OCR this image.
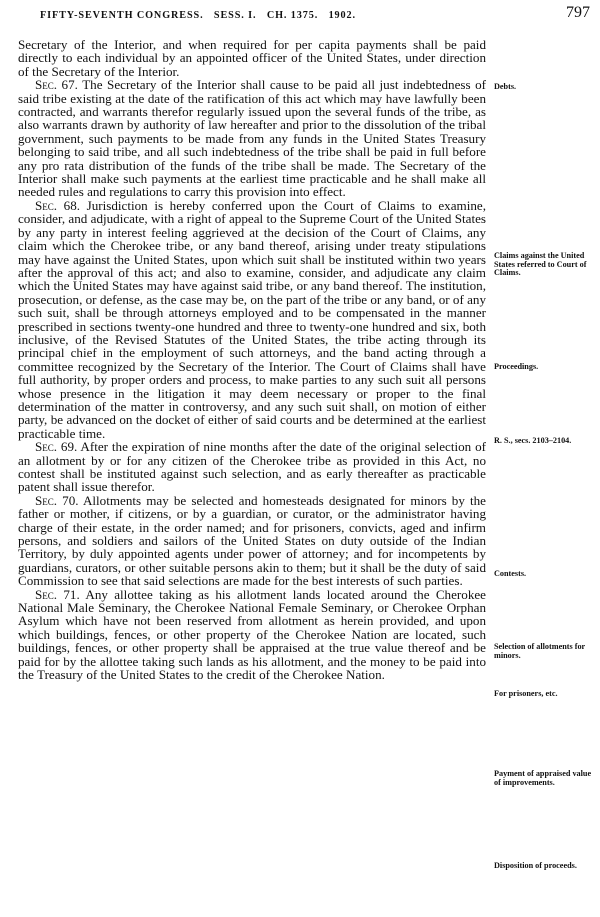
FIFTY-SEVENTH CONGRESS.   SESS. I.   CH. 1375.   1902.	797

Secretary of the Interior, and when required for per capita payments shall be paid directly to each individual by an appointed officer of the United States, under direction of the Secretary of the Interior.

Sec. 67. The Secretary of the Interior shall cause to be paid all just indebtedness of said tribe existing at the date of the ratification of this act which may have lawfully been contracted, and warrants therefor regularly issued upon the several funds of the tribe, as also warrants drawn by authority of law hereafter and prior to the dissolution of the tribal government, such payments to be made from any funds in the United States Treasury belonging to said tribe, and all such indebtedness of the tribe shall be paid in full before any pro rata distribution of the funds of the tribe shall be made. The Secretary of the Interior shall make such payments at the earliest time practicable and he shall make all needed rules and regulations to carry this provision into effect.

Sec. 68. Jurisdiction is hereby conferred upon the Court of Claims to examine, consider, and adjudicate, with a right of appeal to the Supreme Court of the United States by any party in interest feeling aggrieved at the decision of the Court of Claims, any claim which the Cherokee tribe, or any band thereof, arising under treaty stipulations may have against the United States, upon which suit shall be instituted within two years after the approval of this act; and also to examine, consider, and adjudicate any claim which the United States may have against said tribe, or any band thereof. The institution, prosecution, or defense, as the case may be, on the part of the tribe or any band, or of any such suit, shall be through attorneys employed and to be compensated in the manner prescribed in sections twenty-one hundred and three to twenty-one hundred and six, both inclusive, of the Revised Statutes of the United States, the tribe acting through its principal chief in the employment of such attorneys, and the band acting through a committee recognized by the Secretary of the Interior. The Court of Claims shall have full authority, by proper orders and process, to make parties to any such suit all persons whose presence in the litigation it may deem necessary or proper to the final determination of the matter in controversy, and any such suit shall, on motion of either party, be advanced on the docket of either of said courts and be determined at the earliest practicable time.

Sec. 69. After the expiration of nine months after the date of the original selection of an allotment by or for any citizen of the Cherokee tribe as provided in this Act, no contest shall be instituted against such selection, and as early thereafter as practicable patent shall issue therefor.

Sec. 70. Allotments may be selected and homesteads designated for minors by the father or mother, if citizens, or by a guardian, or curator, or the administrator having charge of their estate, in the order named; and for prisoners, convicts, aged and infirm persons, and soldiers and sailors of the United States on duty outside of the Indian Territory, by duly appointed agents under power of attorney; and for incompetents by guardians, curators, or other suitable persons akin to them; but it shall be the duty of said Commission to see that said selections are made for the best interests of such parties.

Sec. 71. Any allottee taking as his allotment lands located around the Cherokee National Male Seminary, the Cherokee National Female Seminary, or Cherokee Orphan Asylum which have not been reserved from allotment as herein provided, and upon which buildings, fences, or other property of the Cherokee Nation are located, such buildings, fences, or other property shall be appraised at the true value thereof and be paid for by the allottee taking such lands as his allotment, and the money to be paid into the Treasury of the United States to the credit of the Cherokee Nation.

Debts.
Claims against the United States referred to Court of Claims.
Proceedings.
R. S., secs. 2103–2104.
Contests.
Selection of allotments for minors.
For prisoners, etc.
Payment of appraised value of improvements.
Disposition of proceeds.
